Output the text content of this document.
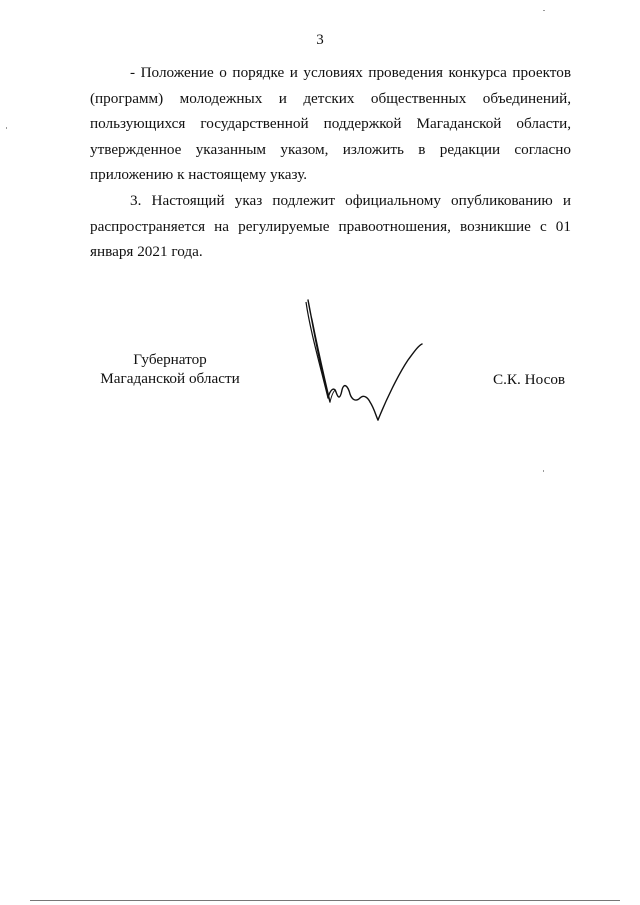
3

- Положение о порядке и условиях проведения конкурса проектов (программ) молодежных и детских общественных объединений, пользующихся государственной поддержкой Магаданской области, утвержденное указанным указом, изложить в редакции согласно приложению к настоящему указу.

3. Настоящий указ подлежит официальному опубликованию и распространяется на регулируемые правоотношения, возникшие с 01 января 2021 года.

Губернатор
Магаданской области	С.К. Носов
